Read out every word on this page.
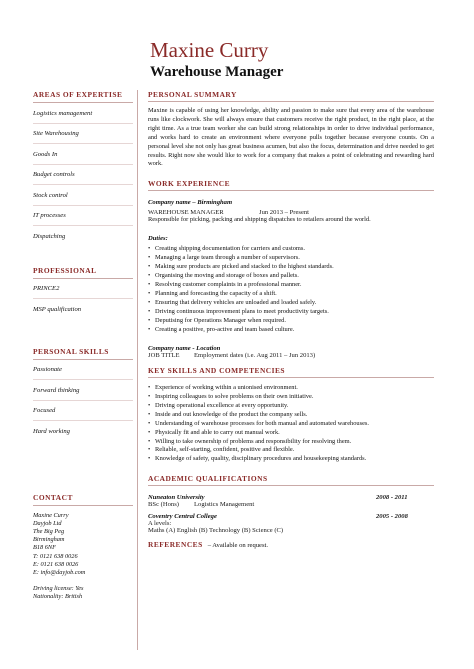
Maxine Curry
Warehouse Manager
AREAS OF EXPERTISE
Logistics management
Site Warehousing
Goods In
Budget controls
Stock control
IT processes
Dispatching
PROFESSIONAL
PRINCE2
MSP qualification
PERSONAL SKILLS
Passionate
Forward thinking
Focused
Hard working
CONTACT
Maxine Curry
Dayjob Ltd
The Big Peg
Birmingham
B18 6NF
T: 0121 638 0026
E: 0121 638 0026
E: info@dayjob.com
Driving license: Yes
Nationality: British
PERSONAL SUMMARY
Maxine is capable of using her knowledge, ability and passion to make sure that every area of the warehouse runs like clockwork. She will always ensure that customers receive the right product, in the right place, at the right time. As a true team worker she can build strong relationships in order to drive individual performance, and works hard to create an environment where everyone pulls together because everyone counts. On a personal level she not only has great business acumen, but also the focus, determination and drive needed to get results. Right now she would like to work for a company that makes a point of celebrating and rewarding hard work.
WORK EXPERIENCE
Company name – Birmingham
WAREHOUSE MANAGER	Jun 2013 – Present
Responsible for picking, packing and shipping dispatches to retailers around the world.
Duties:
• Creating shipping documentation for carriers and customs.
• Managing a large team through a number of supervisors.
• Making sure products are picked and stacked to the highest standards.
• Organising the moving and storage of boxes and pallets.
• Resolving customer complaints in a professional manner.
• Planning and forecasting the capacity of a shift.
• Ensuring that delivery vehicles are unloaded and loaded safely.
• Driving continuous improvement plans to meet productivity targets.
• Deputising for Operations Manager when required.
• Creating a positive, pro-active and team based culture.
Company name - Location
JOB TITLE	Employment dates (i.e. Aug 2011 – Jun 2013)
KEY SKILLS AND COMPETENCIES
• Experience of working within a unionised environment.
• Inspiring colleagues to solve problems on their own initiative.
• Driving operational excellence at every opportunity.
• Inside and out knowledge of the product the company sells.
• Understanding of warehouse processes for both manual and automated warehouses.
• Physically fit and able to carry out manual work.
• Willing to take ownership of problems and responsibility for resolving them.
• Reliable, self-starting, confident, positive and flexible.
• Knowledge of safety, quality, disciplinary procedures and housekeeping standards.
ACADEMIC QUALIFICATIONS
Nuneaton University	2008 - 2011
BSc (Hons)	Logistics Management
Coventry Central College	2005 - 2008
A levels:
Maths (A) English (B) Technology (B) Science (C)
REFERENCES – Available on request.
